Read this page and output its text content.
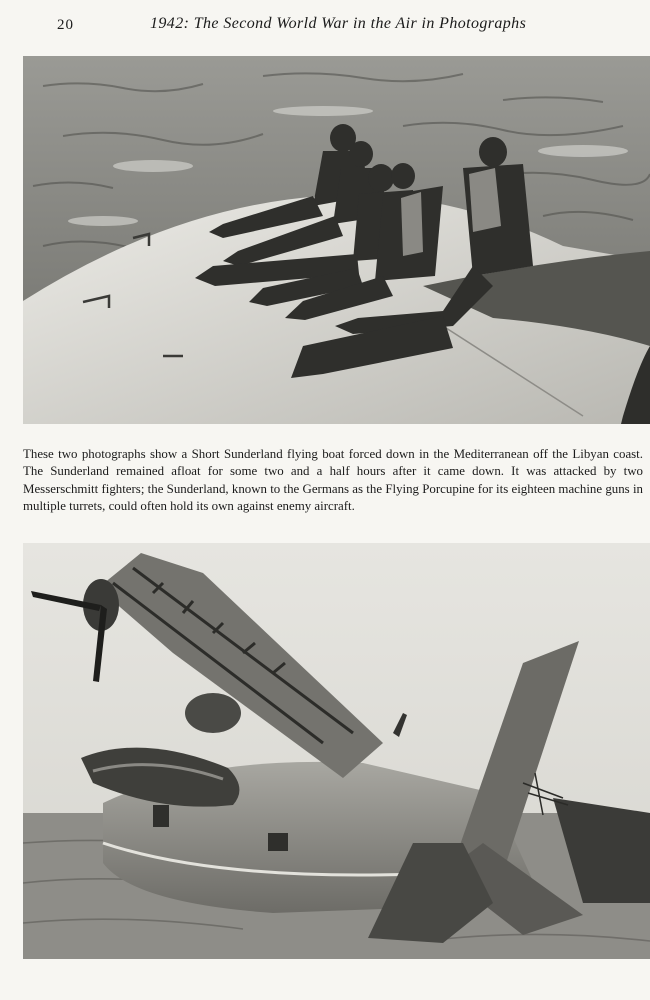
20	1942: The Second World War in the Air in Photographs

These two photographs show a Short Sunderland flying boat forced down in the Mediterranean off the Libyan coast. The Sunderland remained afloat for some two and a half hours after it came down. It was attacked by two Messerschmitt fighters; the Sunderland, known to the Germans as the Flying Porcupine for its eighteen machine guns in multiple turrets, could often hold its own against enemy aircraft.
